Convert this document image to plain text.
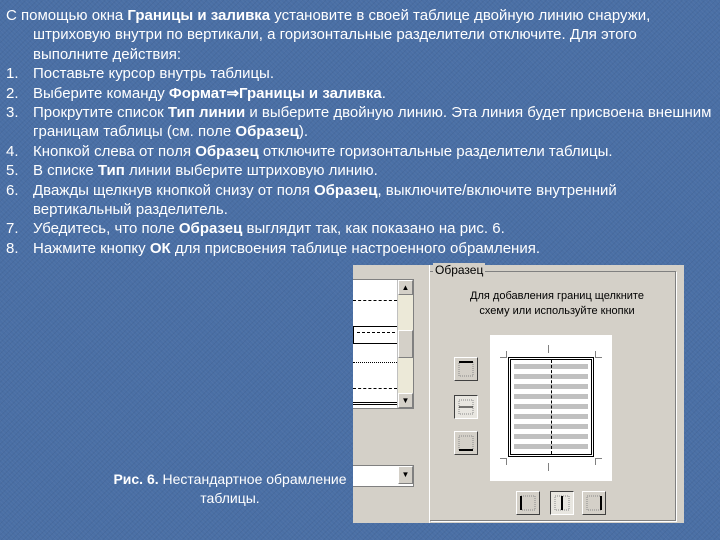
С помощью окна Границы и заливка установите в своей таблице двойную линию снаружи, штриховую внутри по вертикали, а горизонтальные разделители отключите. Для этого выполните действия:

1. Поставьте курсор внутрь таблицы.
2. Выберите команду Формат⇒Границы и заливка.
3. Прокрутите список Тип линии и выберите двойную линию. Эта линия будет присвоена внешним границам таблицы (см. поле Образец).
4. Кнопкой слева от поля Образец отключите горизонтальные разделители таблицы.
5. В списке Тип линии выберите штриховую линию.
6. Дважды щелкнув кнопкой снизу от поля Образец, выключите/включите внутренний вертикальный разделитель.
7. Убедитесь, что поле Образец выглядит так, как показано на рис. 6.
8. Нажмите кнопку ОК для присвоения таблице настроенного обрамления.
▲
▼
▼
Образец
Для добавления границ щелкните
схему или используйте кнопки
Рис. 6. Нестандартное обрамление таблицы.
